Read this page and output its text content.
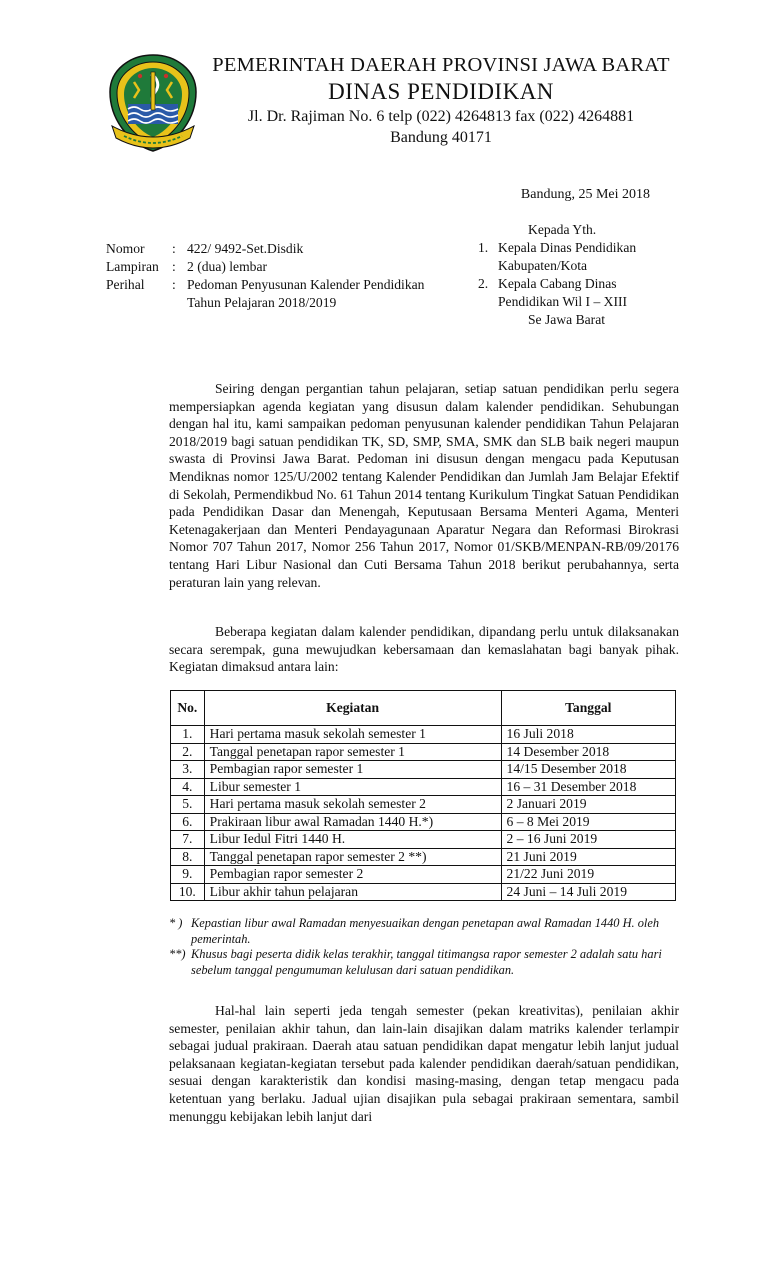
PEMERINTAH DAERAH PROVINSI JAWA BARAT
DINAS PENDIDIKAN
Jl. Dr. Rajiman No. 6 telp (022) 4264813 fax (022) 4264881
Bandung 40171
Bandung, 25 Mei 2018
Nomor	: 422/ 9492-Set.Disdik
Lampiran : 2 (dua) lembar
Perihal	: Pedoman Penyusunan Kalender Pendidikan Tahun Pelajaran 2018/2019
Kepada Yth.
1. Kepala Dinas Pendidikan
Kabupaten/Kota
2. Kepala Cabang Dinas
Pendidikan Wil I – XIII
Se Jawa Barat
Seiring dengan pergantian tahun pelajaran, setiap satuan pendidikan perlu segera mempersiapkan agenda kegiatan yang disusun dalam kalender pendidikan. Sehubungan dengan hal itu, kami sampaikan pedoman penyusunan kalender pendidikan Tahun Pelajaran 2018/2019 bagi satuan pendidikan TK, SD, SMP, SMA, SMK dan SLB baik negeri maupun swasta di Provinsi Jawa Barat. Pedoman ini disusun dengan mengacu pada Keputusan Mendiknas nomor 125/U/2002 tentang Kalender Pendidikan dan Jumlah Jam Belajar Efektif di Sekolah, Permendikbud No. 61 Tahun 2014 tentang Kurikulum Tingkat Satuan Pendidikan pada Pendidikan Dasar dan Menengah, Keputusaan Bersama Menteri Agama, Menteri Ketenagakerjaan dan Menteri Pendayagunaan Aparatur Negara dan Reformasi Birokrasi Nomor 707 Tahun 2017, Nomor 256 Tahun 2017, Nomor 01/SKB/MENPAN-RB/09/20176 tentang Hari Libur Nasional dan Cuti Bersama Tahun 2018 berikut perubahannya, serta peraturan lain yang relevan.
Beberapa kegiatan dalam kalender pendidikan, dipandang perlu untuk dilaksanakan secara serempak, guna mewujudkan kebersamaan dan kemaslahatan bagi banyak pihak. Kegiatan dimaksud antara lain:
No.	Kegiatan	Tanggal
1.	Hari pertama masuk sekolah semester 1	16 Juli 2018
2.	Tanggal penetapan rapor semester 1	14 Desember 2018
3.	Pembagian rapor semester 1	14/15 Desember 2018
4.	Libur semester 1	16 – 31 Desember 2018
5.	Hari pertama masuk sekolah semester 2	2 Januari 2019
6.	Prakiraan libur awal Ramadan 1440 H.*)	6 – 8 Mei 2019
7.	Libur Iedul Fitri 1440 H.	2 – 16 Juni 2019
8.	Tanggal penetapan rapor semester 2 **)	21 Juni 2019
9.	Pembagian rapor semester 2	21/22 Juni 2019
10.	Libur akhir tahun pelajaran	24 Juni – 14 Juli 2019
* ) Kepastian libur awal Ramadan menyesuaikan dengan penetapan awal Ramadan 1440 H. oleh pemerintah.
**) Khusus bagi peserta didik kelas terakhir, tanggal titimangsa rapor semester 2 adalah satu hari sebelum tanggal pengumuman kelulusan dari satuan pendidikan.
Hal-hal lain seperti jeda tengah semester (pekan kreativitas), penilaian akhir semester, penilaian akhir tahun, dan lain-lain disajikan dalam matriks kalender terlampir sebagai judual prakiraan. Daerah atau satuan pendidikan dapat mengatur lebih lanjut judual pelaksanaan kegiatan-kegiatan tersebut pada kalender pendidikan daerah/satuan pendidikan, sesuai dengan karakteristik dan kondisi masing-masing, dengan tetap mengacu pada ketentuan yang berlaku. Jadual ujian disajikan pula sebagai prakiraan sementara, sambil menunggu kebijakan lebih lanjut dari
